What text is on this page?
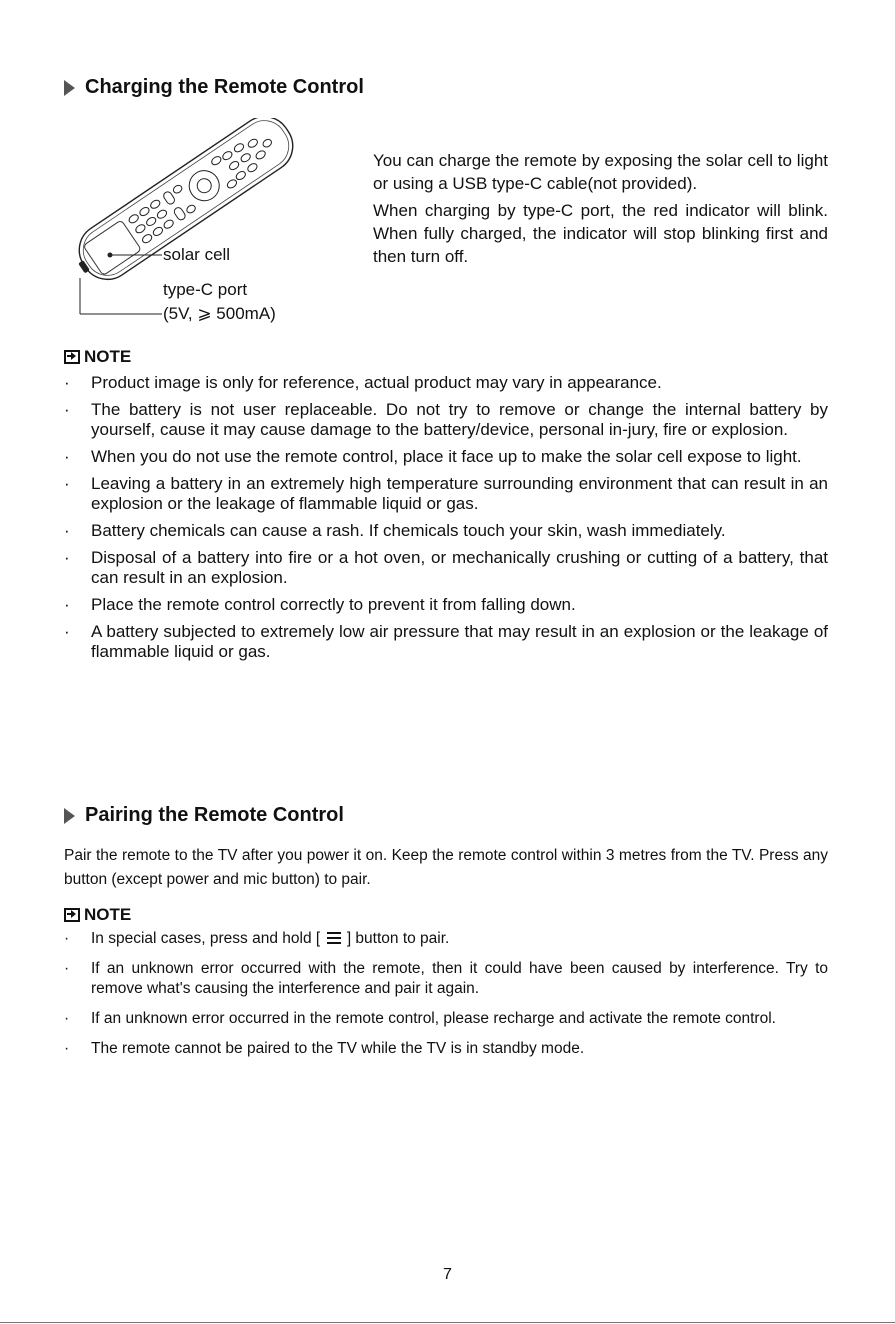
Charging the Remote Control
solar cell
type-C port
(5V, ⩾ 500mA)

You can charge the remote by exposing the solar cell to light or using a USB type-C cable(not provided).

When charging by type-C port, the red indicator will blink. When fully charged, the indicator will stop blinking first and then turn off.

NOTE
· Product image is only for reference, actual product may vary in appearance.
· The battery is not user replaceable. Do not try to remove or change the internal battery by yourself, cause it may cause damage to the battery/device, personal in-jury, fire or explosion.
· When you do not use the remote control, place it face up to make the solar cell expose to light.
· Leaving a battery in an extremely high temperature surrounding environment that can result in an explosion or the leakage of flammable liquid or gas.
· Battery chemicals can cause a rash. If chemicals touch your skin, wash immediately.
· Disposal of a battery into fire or a hot oven, or mechanically crushing or cutting of a battery, that can result in an explosion.
· Place the remote control correctly to prevent it from falling down.
· A battery subjected to extremely low air pressure that may result in an explosion or the leakage of flammable liquid or gas.
Pairing the Remote Control
Pair the remote to the TV after you power it on. Keep the remote control within 3 metres from the TV. Press any button (except power and mic button) to pair.
NOTE
· In special cases, press and hold [ ] button to pair.
· If an unknown error occurred with the remote, then it could have been caused by interference. Try to remove what's causing the interference and pair it again.
· If an unknown error occurred in the remote control, please recharge and activate the remote control.
· The remote cannot be paired to the TV while the TV is in standby mode.
7
